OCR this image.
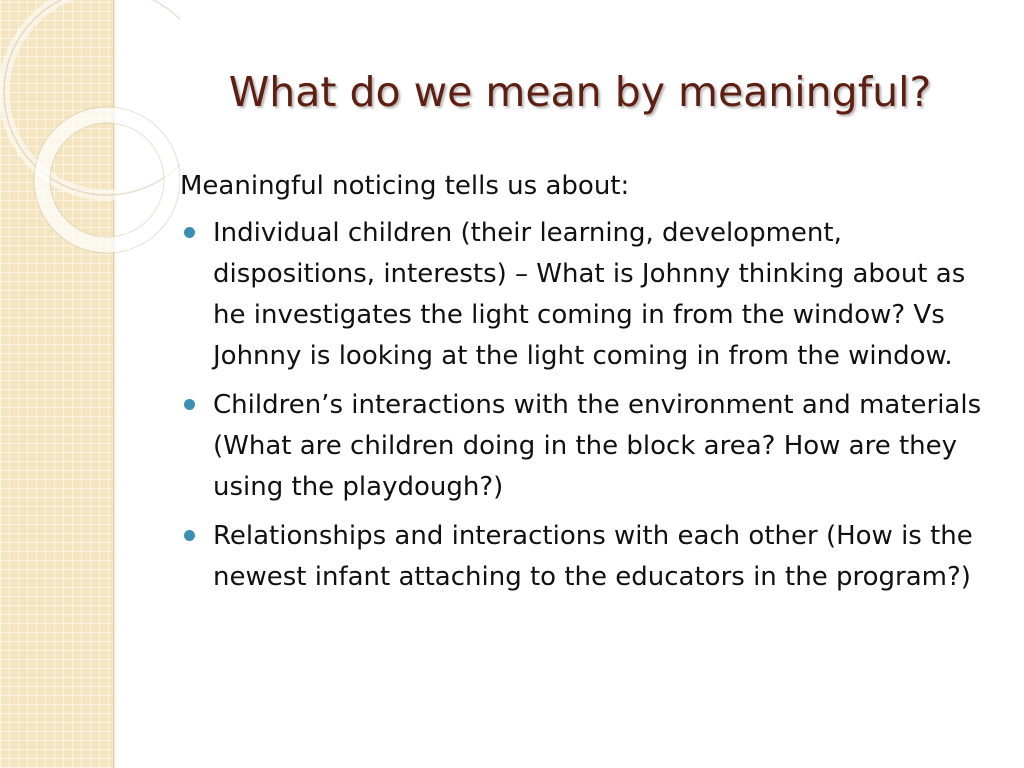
What do we mean by meaningful?

Meaningful noticing tells us about:

Individual children (their learning, development, dispositions, interests) – What is Johnny thinking about as he investigates the light coming in from the window? Vs Johnny is looking at the light coming in from the window.
Children’s interactions with the environment and materials (What are children doing in the block area? How are they using the playdough?)
Relationships and interactions with each other (How is the newest infant attaching to the educators in the program?)
